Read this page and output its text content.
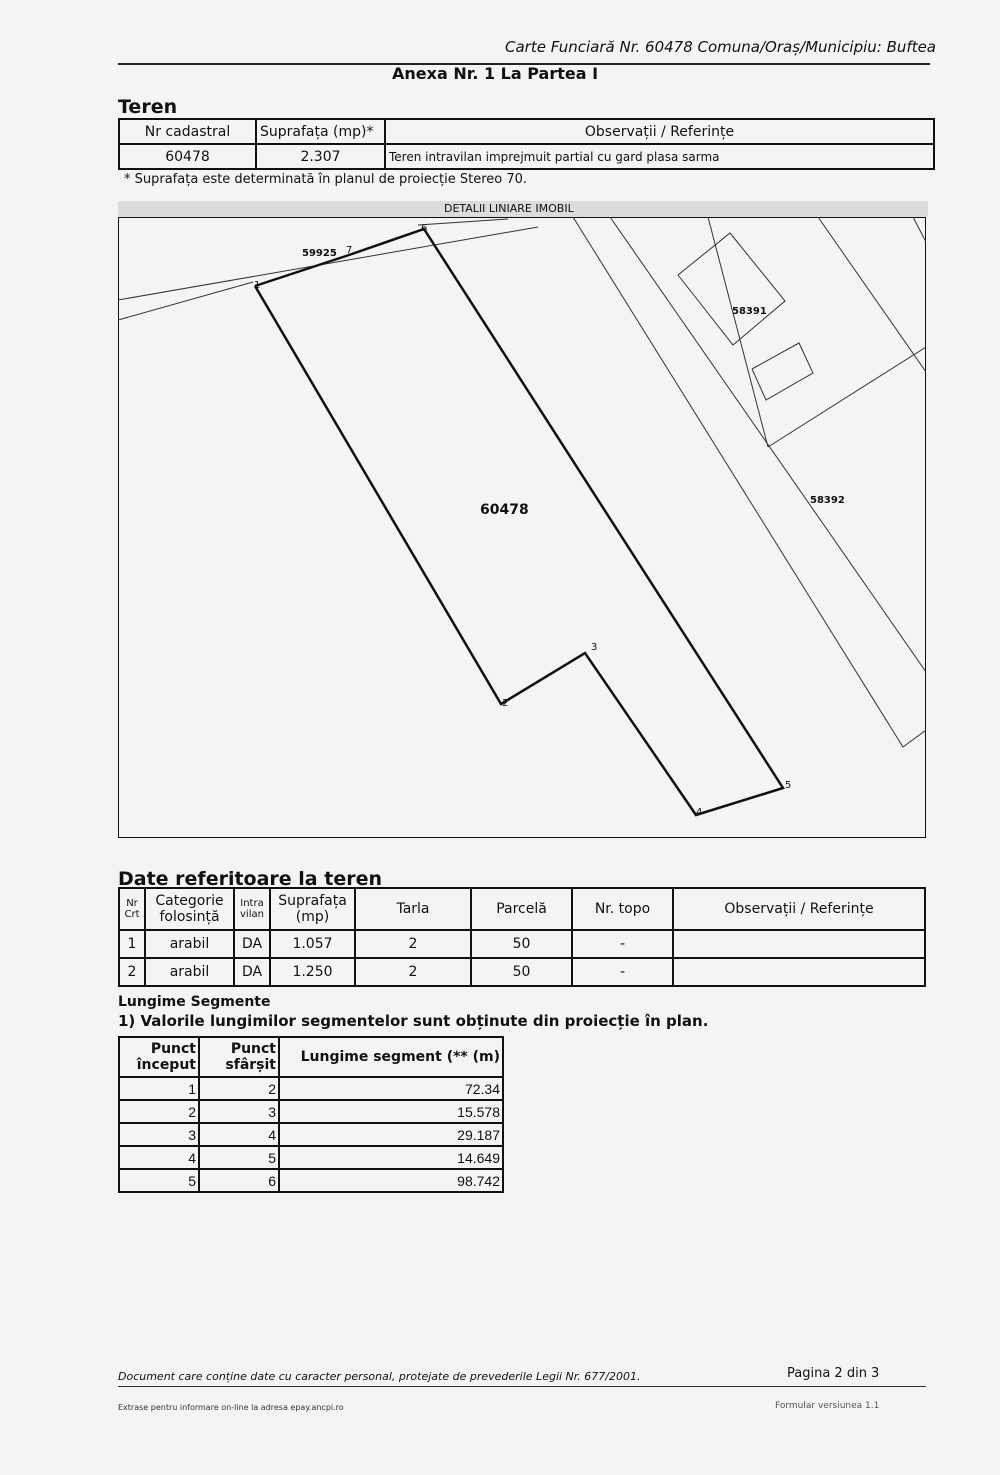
Carte Funciară Nr. 60478 Comuna/Oraș/Municipiu: Buftea
Anexa Nr. 1 La Partea I
Teren
Nr cadastral	Suprafața (mp)*	Observații / Referințe
60478	2.307	Teren intravilan imprejmuit partial cu gard plasa sarma
* Suprafața este determinată în planul de proiecție Stereo 70.
DETALII LINIARE IMOBIL
7
6
1
2
3
4
5
59925
58391
58392
60478
Date referitoare la teren
Nr Crt	Categorie folosință	Intra vilan	Suprafața (mp)	Tarla	Parcelă	Nr. topo	Observații / Referințe
1	arabil	DA	1.057	2	50	-	
2	arabil	DA	1.250	2	50	-	
Lungime Segmente
1) Valorile lungimilor segmentelor sunt obținute din proiecție în plan.
Punct început	Punct sfârșit	Lungime segment (** (m)
1	2	72.34
2	3	15.578
3	4	29.187
4	5	14.649
5	6	98.742
Document care conține date cu caracter personal, protejate de prevederile Legii Nr. 677/2001.	Pagina 2 din 3
Extrase pentru informare on-line la adresa epay.ancpi.ro	Formular versiunea 1.1
